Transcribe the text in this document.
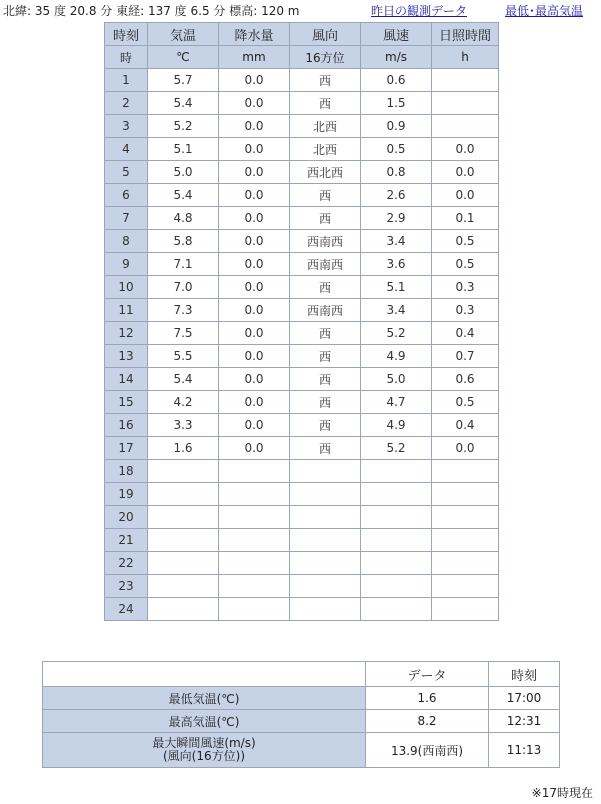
北緯: 35 度 20.8 分 東経: 137 度 6.5 分 標高: 120 m	昨日の観測データ	最低･最高気温
時刻	気温	降水量	風向	風速	日照時間
時	℃	mm	16方位	m/s	h
1	5.7	0.0	西	0.6	
2	5.4	0.0	西	1.5	
3	5.2	0.0	北西	0.9	
4	5.1	0.0	北西	0.5	0.0
5	5.0	0.0	西北西	0.8	0.0
6	5.4	0.0	西	2.6	0.0
7	4.8	0.0	西	2.9	0.1
8	5.8	0.0	西南西	3.4	0.5
9	7.1	0.0	西南西	3.6	0.5
10	7.0	0.0	西	5.1	0.3
11	7.3	0.0	西南西	3.4	0.3
12	7.5	0.0	西	5.2	0.4
13	5.5	0.0	西	4.9	0.7
14	5.4	0.0	西	5.0	0.6
15	4.2	0.0	西	4.7	0.5
16	3.3	0.0	西	4.9	0.4
17	1.6	0.0	西	5.2	0.0
18					
19					
20					
21					
22					
23					
24					
	データ	時刻
最低気温(℃)	1.6	17:00
最高気温(℃)	8.2	12:31

最大瞬間風速(m/s)
(風向(16方位))	13.9(西南西)	11:13
※17時現在
